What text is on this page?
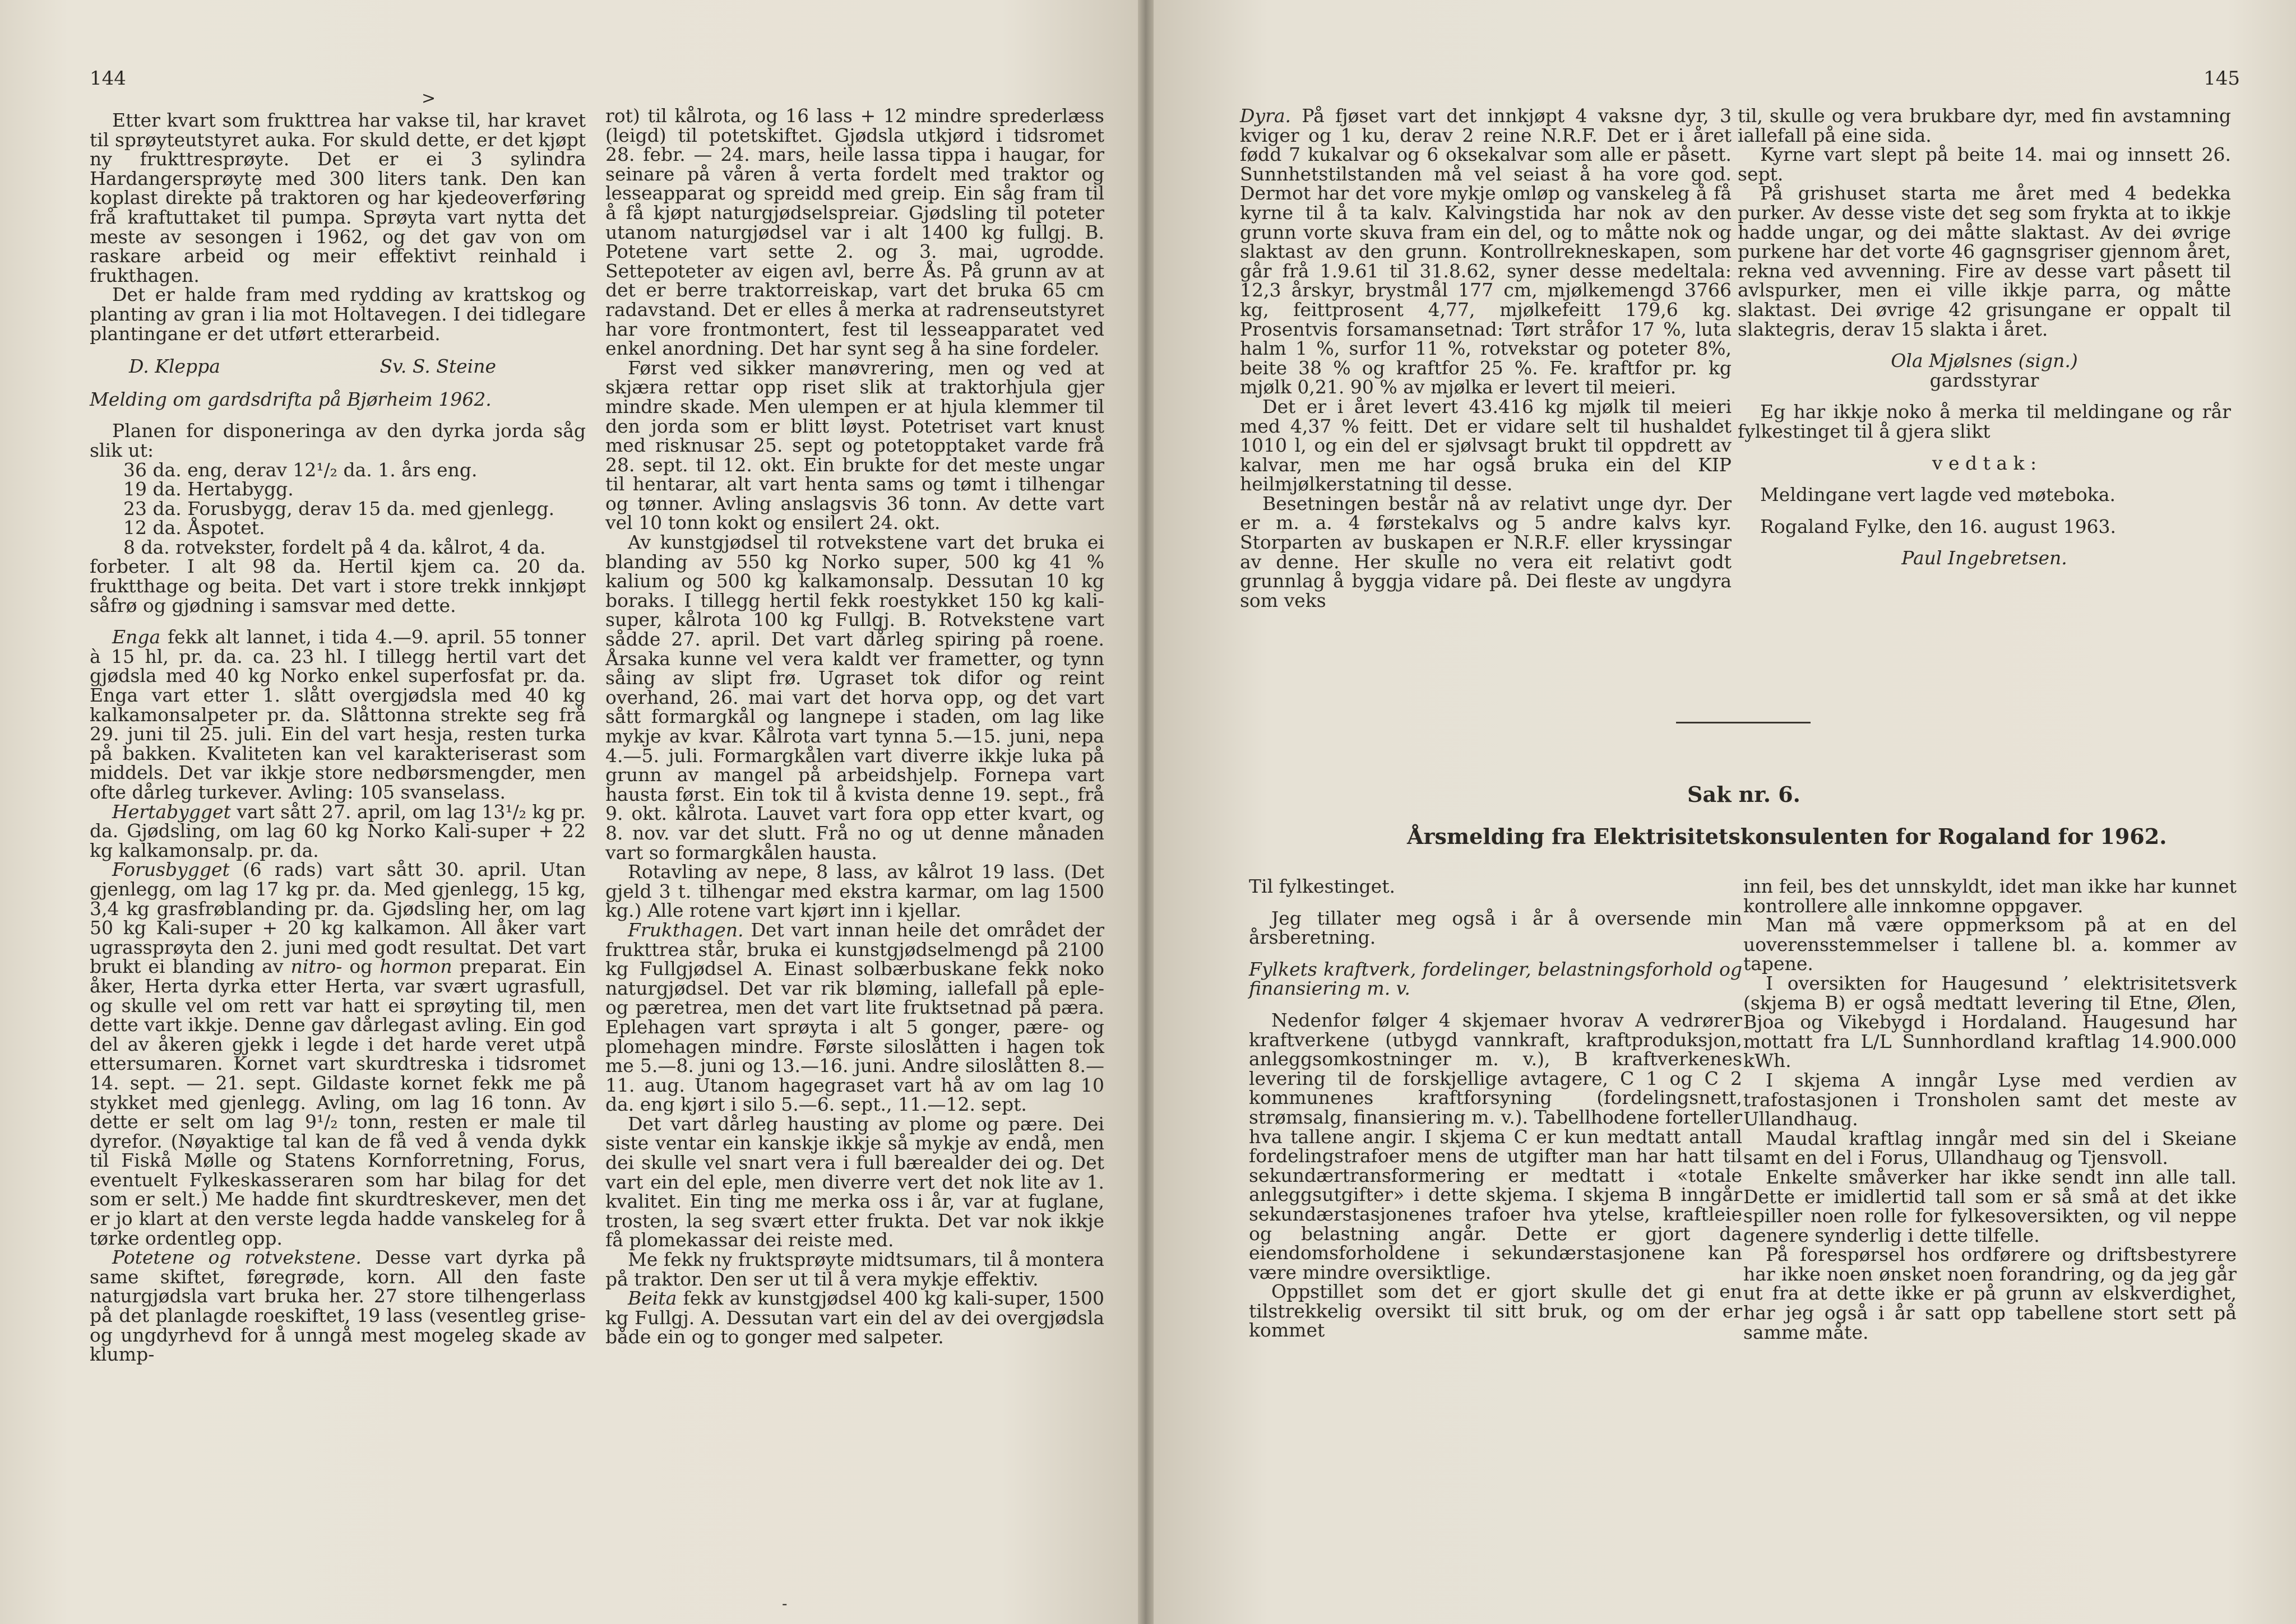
144
>

Etter kvart som frukttrea har vakse til, har kravet til sprøyteutstyret auka. For skuld dette, er det kjøpt ny frukttresprøyte. Det er ei 3 sylindra Hardangersprøyte med 300 liters tank. Den kan koplast direkte på traktoren og har kjedeoverføring frå kraftuttaket til pumpa. Sprøyta vart nytta det meste av sesongen i 1962, og det gav von om raskare arbeid og meir effektivt reinhald i frukthagen.

Det er halde fram med rydding av krattskog og planting av gran i lia mot Holtavegen. I dei tidlegare plantingane er det utført etterarbeid.

D. Kleppa	Sv. S. Steine

Melding om gardsdrifta på Bjørheim 1962.

Planen for disponeringa av den dyrka jorda såg slik ut:

36 da. eng, derav 12¹/₂ da. 1. års eng.

19 da. Hertabygg.

23 da. Forusbygg, derav 15 da. med gjenlegg.

12 da. Åspotet.

8 da. rotvekster, fordelt på 4 da. kålrot, 4 da.

forbeter. I alt 98 da. Hertil kjem ca. 20 da. fruktthage og beita. Det vart i store trekk innkjøpt såfrø og gjødning i samsvar med dette.

Enga fekk alt lannet, i tida 4.—9. april. 55 tonner à 15 hl, pr. da. ca. 23 hl. I tillegg hertil vart det gjødsla med 40 kg Norko enkel superfosfat pr. da. Enga vart etter 1. slått overgjødsla med 40 kg kalkamonsalpeter pr. da. Slåttonna strekte seg frå 29. juni til 25. juli. Ein del vart hesja, resten turka på bakken. Kvaliteten kan vel karakteriserast som middels. Det var ikkje store nedbørsmengder, men ofte dårleg turkever. Avling: 105 svanselass.

Hertabygget vart sått 27. april, om lag 13¹/₂ kg pr. da. Gjødsling, om lag 60 kg Norko Kali-super + 22 kg kalkamonsalp. pr. da.

Forusbygget (6 rads) vart sått 30. april. Utan gjenlegg, om lag 17 kg pr. da. Med gjenlegg, 15 kg, 3,4 kg grasfrøblanding pr. da. Gjødsling her, om lag 50 kg Kali-super + 20 kg kalkamon. All åker vart ugrassprøyta den 2. juni med godt resultat. Det vart brukt ei blanding av nitro- og hormon preparat. Ein åker, Herta dyrka etter Herta, var svært ugrasfull, og skulle vel om rett var hatt ei sprøyting til, men dette vart ikkje. Denne gav dårlegast avling. Ein god del av åkeren gjekk i legde i det harde veret utpå ettersumaren. Kornet vart skurdtreska i tidsromet 14. sept. — 21. sept. Gildaste kornet fekk me på stykket med gjenlegg. Avling, om lag 16 tonn. Av dette er selt om lag 9¹/₂ tonn, resten er male til dyrefor. (Nøyaktige tal kan de få ved å venda dykk til Fiskå Mølle og Statens Kornforretning, Forus, eventuelt Fylkeskasseraren som har bilag for det som er selt.) Me hadde fint skurdtreskever, men det er jo klart at den verste legda hadde vanskeleg for å tørke ordentleg opp.

Potetene og rotvekstene. Desse vart dyrka på same skiftet, føregrøde, korn. All den faste naturgjødsla vart bruka her. 27 store tilhengerlass på det planlagde roeskiftet, 19 lass (vesentleg grise- og ungdyrhevd for å unngå mest mogeleg skade av klump-

rot) til kålrota, og 16 lass + 12 mindre sprederlæss (leigd) til potetskiftet. Gjødsla utkjørd i tidsromet 28. febr. — 24. mars, heile lassa tippa i haugar, for seinare på våren å verta fordelt med traktor og lesseapparat og spreidd med greip. Ein såg fram til å få kjøpt naturgjødselspreiar. Gjødsling til poteter utanom naturgjødsel var i alt 1400 kg fullgj. B. Potetene vart sette 2. og 3. mai, ugrodde. Settepoteter av eigen avl, berre Ås. På grunn av at det er berre traktorreiskap, vart det bruka 65 cm radavstand. Det er elles å merka at radrenseutstyret har vore frontmontert, fest til lesseapparatet ved enkel anordning. Det har synt seg å ha sine fordeler.

Først ved sikker manøvrering, men og ved at skjæra rettar opp riset slik at traktorhjula gjer mindre skade. Men ulempen er at hjula klemmer til den jorda som er blitt løyst. Potetriset vart knust med risknusar 25. sept og potetopptaket varde frå 28. sept. til 12. okt. Ein brukte for det meste ungar til hentarar, alt vart henta sams og tømt i tilhengar og tønner. Avling anslagsvis 36 tonn. Av dette vart vel 10 tonn kokt og ensilert 24. okt.

Av kunstgjødsel til rotvekstene vart det bruka ei blanding av 550 kg Norko super, 500 kg 41 % kalium og 500 kg kalkamonsalp. Dessutan 10 kg boraks. I tillegg hertil fekk roestykket 150 kg kali-super, kålrota 100 kg Fullgj. B. Rotvekstene vart sådde 27. april. Det vart dårleg spiring på roene. Årsaka kunne vel vera kaldt ver frametter, og tynn såing av slipt frø. Ugraset tok difor og reint overhand, 26. mai vart det horva opp, og det vart sått formargkål og langnepe i staden, om lag like mykje av kvar. Kålrota vart tynna 5.—15. juni, nepa 4.—5. juli. Formargkålen vart diverre ikkje luka på grunn av mangel på arbeidshjelp. Fornepa vart hausta først. Ein tok til å kvista denne 19. sept., frå 9. okt. kålrota. Lauvet vart fora opp etter kvart, og 8. nov. var det slutt. Frå no og ut denne månaden vart so formargkålen hausta.

Rotavling av nepe, 8 lass, av kålrot 19 lass. (Det gjeld 3 t. tilhengar med ekstra karmar, om lag 1500 kg.) Alle rotene vart kjørt inn i kjellar.

Frukthagen. Det vart innan heile det området der frukttrea står, bruka ei kunstgjødselmengd på 2100 kg Fullgjødsel A. Einast solbærbuskane fekk noko naturgjødsel. Det var rik bløming, iallefall på eple- og pæretrea, men det vart lite fruktsetnad på pæra. Eplehagen vart sprøyta i alt 5 gonger, pære- og plomehagen mindre. Første siloslåtten i hagen tok me 5.—8. juni og 13.—16. juni. Andre siloslåtten 8.—11. aug. Utanom hagegraset vart hå av om lag 10 da. eng kjørt i silo 5.—6. sept., 11.—12. sept.

Det vart dårleg hausting av plome og pære. Dei siste ventar ein kanskje ikkje så mykje av endå, men dei skulle vel snart vera i full bærealder dei og. Det vart ein del eple, men diverre vert det nok lite av 1. kvalitet. Ein ting me merka oss i år, var at fuglane, trosten, la seg svært etter frukta. Det var nok ikkje få plomekassar dei reiste med.

Me fekk ny fruktsprøyte midtsumars, til å montera på traktor. Den ser ut til å vera mykje effektiv.

Beita fekk av kunstgjødsel 400 kg kali-super, 1500 kg Fullgj. A. Dessutan vart ein del av dei overgjødsla både ein og to gonger med salpeter.

-
145

Dyra. På fjøset vart det innkjøpt 4 vaksne dyr, 3 kviger og 1 ku, derav 2 reine N.R.F. Det er i året fødd 7 kukalvar og 6 oksekalvar som alle er påsett. Sunnhetstilstanden må vel seiast å ha vore god. Dermot har det vore mykje omløp og vanskeleg å få kyrne til å ta kalv. Kalvingstida har nok av den grunn vorte skuva fram ein del, og to måtte nok og slaktast av den grunn. Kontrollrekneskapen, som går frå 1.9.61 til 31.8.62, syner desse medeltala: 12,3 årskyr, brystmål 177 cm, mjølkemengd 3766 kg, feittprosent 4,77, mjølkefeitt 179,6 kg. Prosentvis forsamansetnad: Tørt stråfor 17 %, luta halm 1 %, surfor 11 %, rotvekstar og poteter 8%, beite 38 % og kraftfor 25 %. Fe. kraftfor pr. kg mjølk 0,21. 90 % av mjølka er levert til meieri.

Det er i året levert 43.416 kg mjølk til meieri med 4,37 % feitt. Det er vidare selt til hushaldet 1010 l, og ein del er sjølvsagt brukt til oppdrett av kalvar, men me har også bruka ein del KIP heilmjølkerstatning til desse.

Besetningen består nå av relativt unge dyr. Der er m. a. 4 førstekalvs og 5 andre kalvs kyr. Storparten av buskapen er N.R.F. eller kryssingar av denne. Her skulle no vera eit relativt godt grunnlag å byggja vidare på. Dei fleste av ungdyra som veks

til, skulle og vera brukbare dyr, med fin avstamning iallefall på eine sida.

Kyrne vart slept på beite 14. mai og innsett 26. sept.

På grishuset starta me året med 4 bedekka purker. Av desse viste det seg som frykta at to ikkje hadde ungar, og dei måtte slaktast. Av dei øvrige purkene har det vorte 46 gagnsgriser gjennom året, rekna ved avvenning. Fire av desse vart påsett til avlspurker, men ei ville ikkje parra, og måtte slaktast. Dei øvrige 42 grisungane er oppalt til slaktegris, derav 15 slakta i året.

Ola Mjølsnes (sign.)

gardsstyrar

Eg har ikkje noko å merka til meldingane og rår fylkestinget til å gjera slikt

v e d t a k :

Meldingane vert lagde ved møteboka.

Rogaland Fylke, den 16. august 1963.

Paul Ingebretsen.

Sak nr. 6.
Årsmelding fra Elektrisitetskonsulenten for Rogaland for 1962.

Til fylkestinget.

Jeg tillater meg også i år å oversende min årsberetning.

Fylkets kraftverk, fordelinger, belastningsforhold og finansiering m. v.

Nedenfor følger 4 skjemaer hvorav A vedrører kraftverkene (utbygd vannkraft, kraftproduksjon, anleggsomkostninger m. v.), B kraftverkenes levering til de forskjellige avtagere, C 1 og C 2 kommunenes kraftforsyning (fordelingsnett, strømsalg, finansiering m. v.). Tabellhodene forteller hva tallene angir. I skjema C er kun medtatt antall fordelingstrafoer mens de utgifter man har hatt til sekundærtransformering er medtatt i «totale anleggsutgifter» i dette skjema. I skjema B inngår sekundærstasjonenes trafoer hva ytelse, kraftleie og belastning angår. Dette er gjort da eiendomsforholdene i sekundærstasjonene kan være mindre oversiktlige.

Oppstillet som det er gjort skulle det gi en tilstrekkelig oversikt til sitt bruk, og om der er kommet

inn feil, bes det unnskyldt, idet man ikke har kunnet kontrollere alle innkomne oppgaver.

Man må være oppmerksom på at en del uoverensstemmelser i tallene bl. a. kommer av tapene.

I oversikten for Haugesund ’ elektrisitetsverk (skjema B) er også medtatt levering til Etne, Ølen, Bjoa og Vikebygd i Hordaland. Haugesund har mottatt fra L/L Sunnhordland kraftlag 14.900.000 kWh.

I skjema A inngår Lyse med verdien av trafostasjonen i Tronsholen samt det meste av Ullandhaug.

Maudal kraftlag inngår med sin del i Skeiane samt en del i Forus, Ullandhaug og Tjensvoll.

Enkelte småverker har ikke sendt inn alle tall. Dette er imidlertid tall som er så små at det ikke spiller noen rolle for fylkesoversikten, og vil neppe genere synderlig i dette tilfelle.

På forespørsel hos ordførere og driftsbestyrere har ikke noen ønsket noen forandring, og da jeg går ut fra at dette ikke er på grunn av elskverdighet, har jeg også i år satt opp tabellene stort sett på samme måte.
